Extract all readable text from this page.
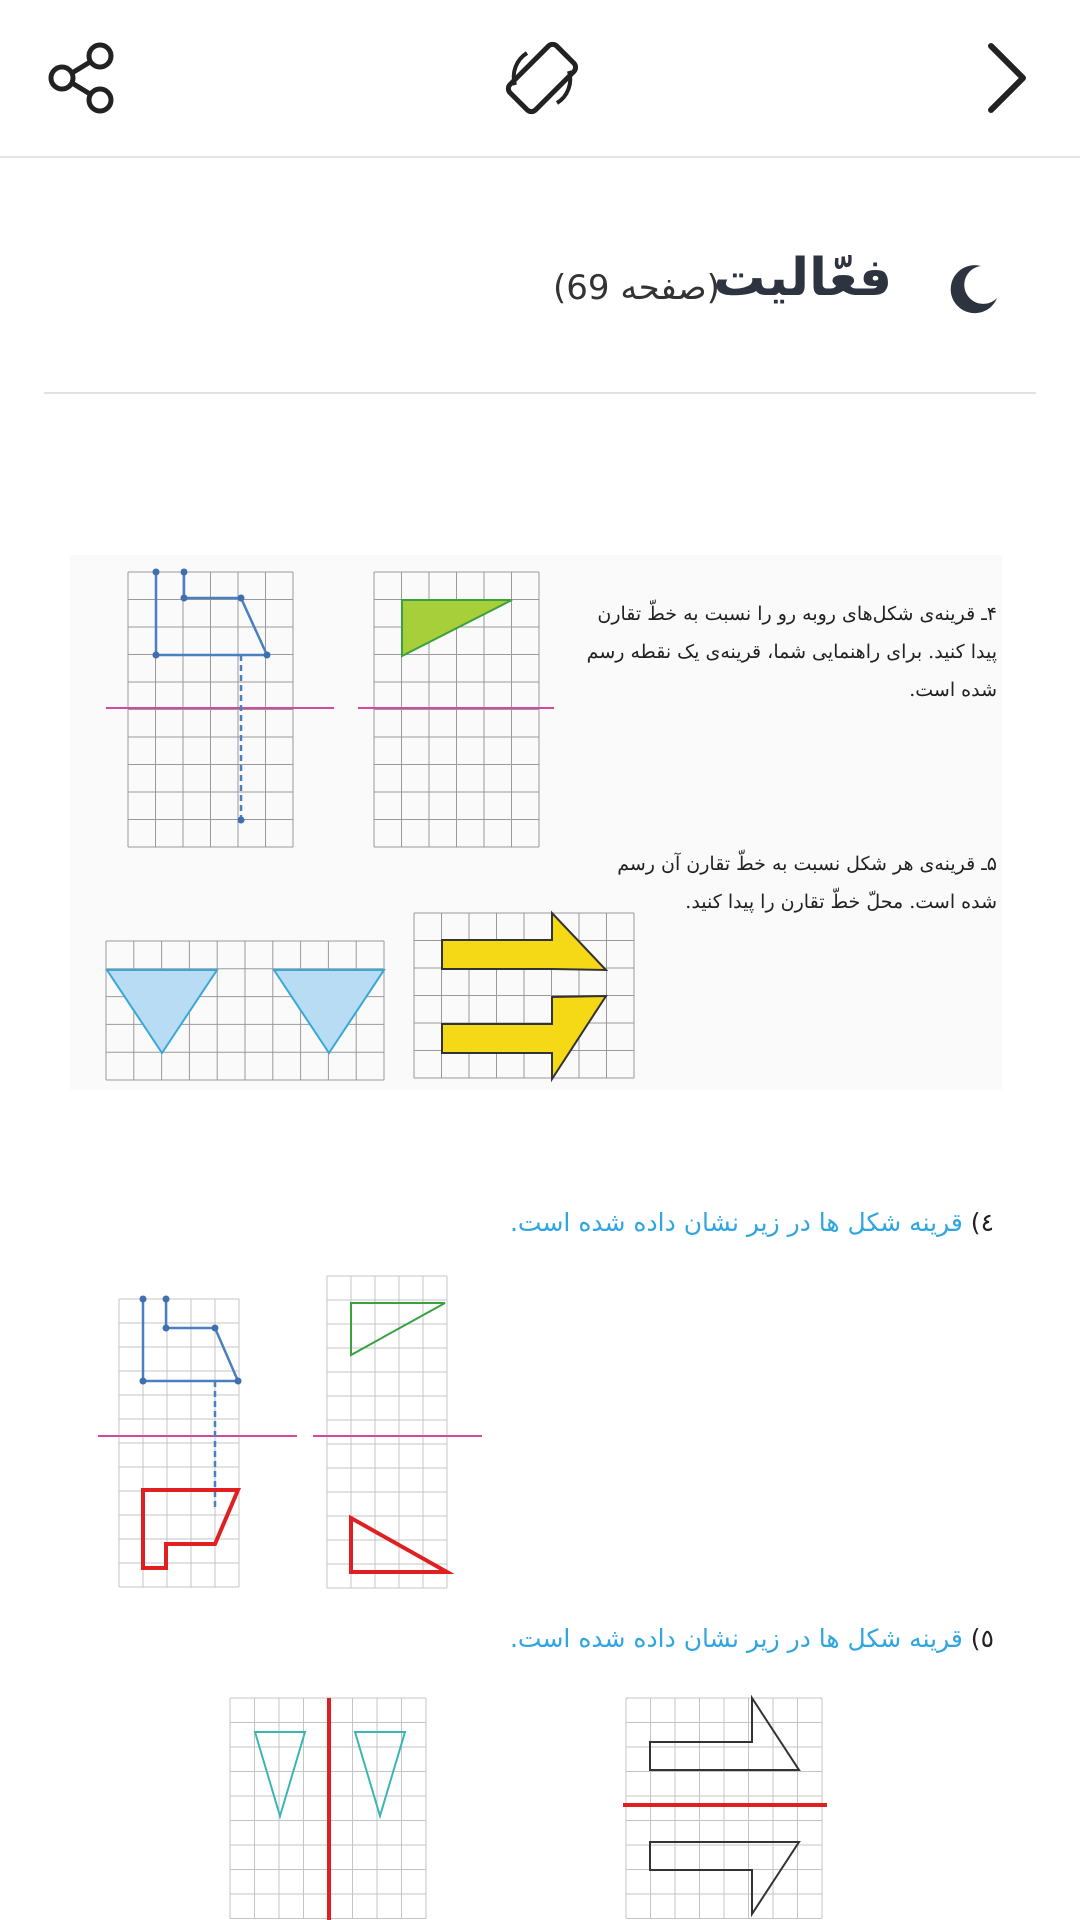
فعّالیت
(صفحه 69)
۴ـ قرینه‌ی شکل‌های روبه رو را نسبت به خطّ تقارن پیدا کنید. برای راهنمایی شما، قرینه‌ی یک نقطه رسم شده است.
۵ـ قرینه‌ی هر شکل نسبت به خطّ تقارن آن رسم شده است. محلّ خطّ تقارن را پیدا کنید.
٤) قرینه شکل ها در زیر نشان داده شده است.
٥) قرینه شکل ها در زیر نشان داده شده است.
